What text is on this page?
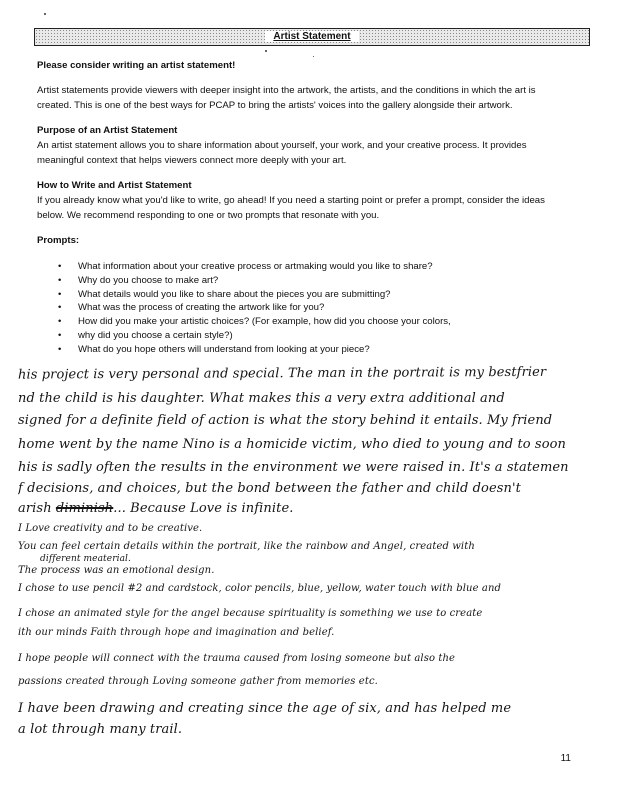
Artist Statement

Please consider writing an artist statement!

Artist statements provide viewers with deeper insight into the artwork, the artists, and the conditions in which the art is created. This is one of the best ways for PCAP to bring the artists' voices into the gallery alongside their artwork.

Purpose of an Artist Statement

An artist statement allows you to share information about yourself, your work, and your creative process. It provides meaningful context that helps viewers connect more deeply with your art.

How to Write and Artist Statement

If you already know what you'd like to write, go ahead! If you need a starting point or prefer a prompt, consider the ideas below. We recommend responding to one or two prompts that resonate with you.

Prompts:

• What information about your creative process or artmaking would you like to share?
• Why do you choose to make art?
• What details would you like to share about the pieces you are submitting?
• What was the process of creating the artwork like for you?
• How did you make your artistic choices? (For example, how did you choose your colors,
• why did you choose a certain style?)
• What do you hope others will understand from looking at your piece?
his project is very personal and special. The man in the portrait is my bestfrier
nd the child is his daughter. What makes this a very extra additional and
signed for a definite field of action is what the story behind it entails. My friend
home went by the name Nino is a homicide victim, who died to young and to soon
his is sadly often the results in the environment we were raised in. It's a statemen
f decisions, and choices, but the bond between the father and child doesn't
arish diminish... Because Love is infinite.
I Love creativity and to be creative.
You can feel certain details within the portrait, like the rainbow and Angel, created with
different meaterial.
The process was an emotional design.
I chose to use pencil #2 and cardstock, color pencils, blue, yellow, water touch with blue and
I chose an animated style for the angel because spirituality is something we use to create
ith our minds Faith through hope and imagination and belief.
I hope people will connect with the trauma caused from losing someone but also the
passions created through Loving someone gather from memories etc.
I have been drawing and creating since the age of six, and has helped me
a lot through many trail.
11
